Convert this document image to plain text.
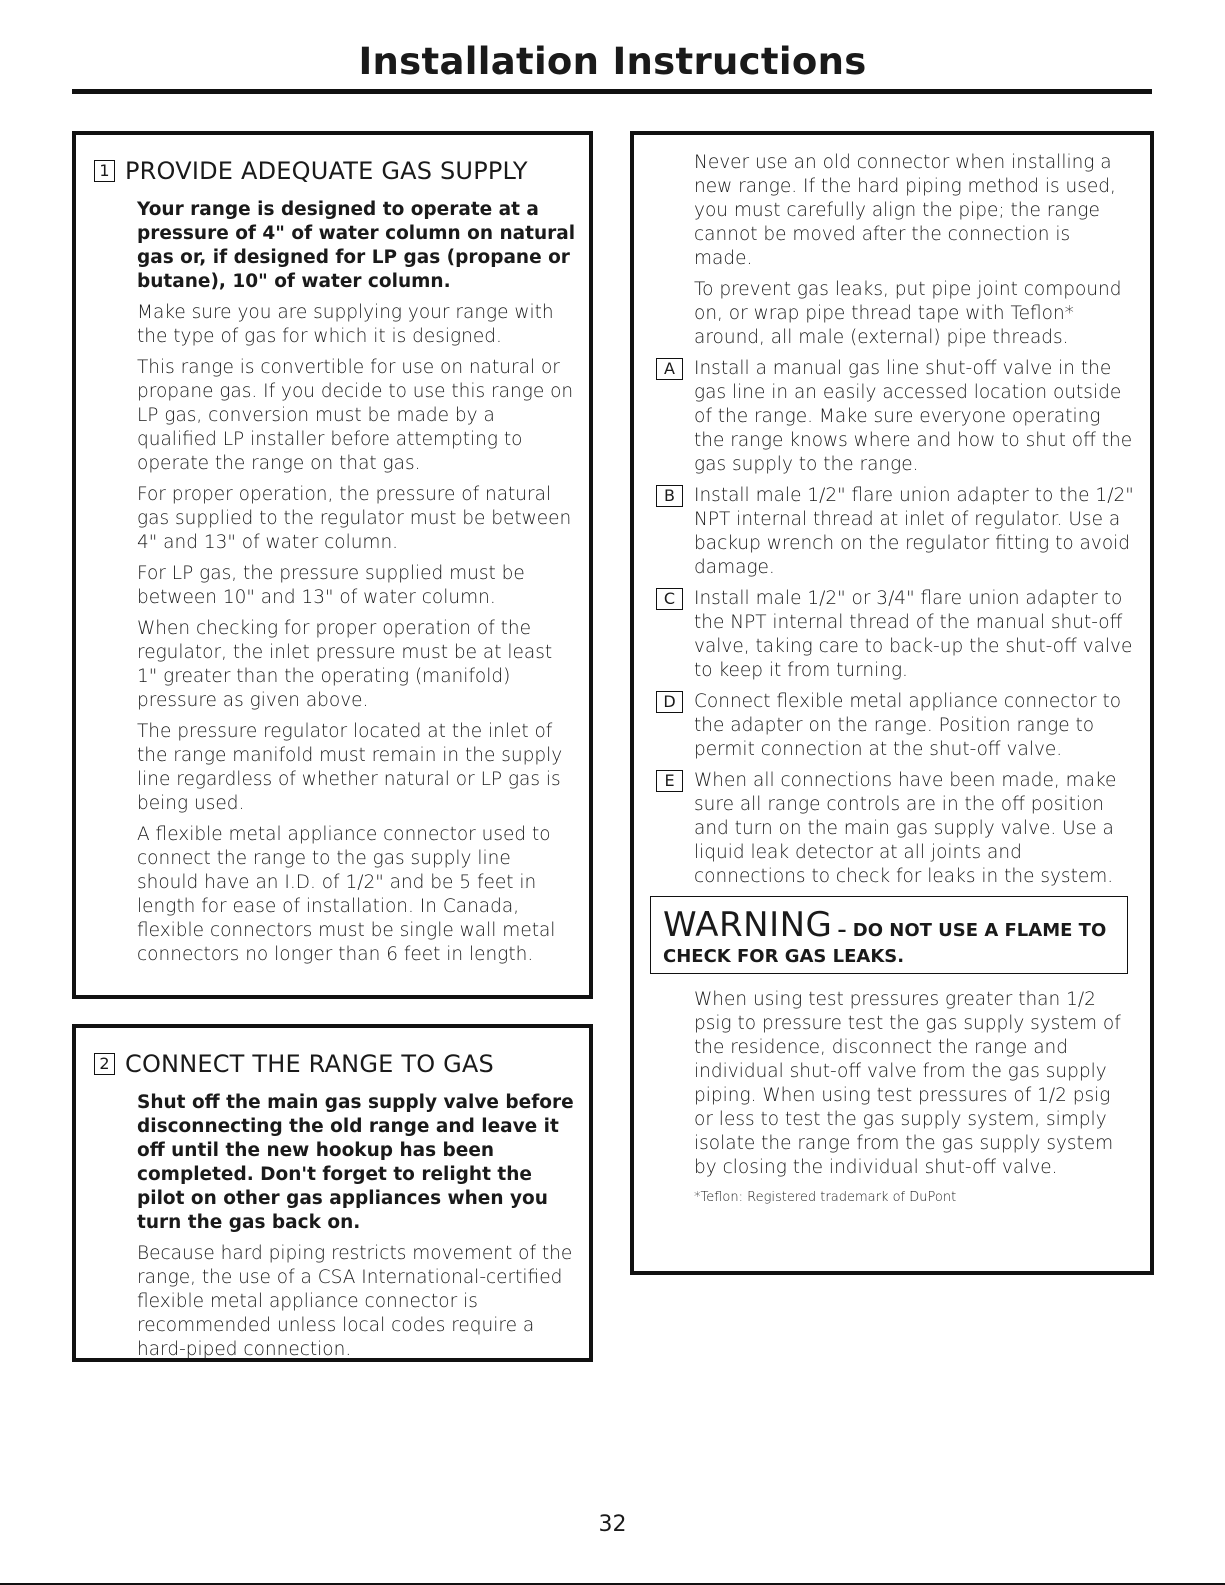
Installation Instructions
1 PROVIDE ADEQUATE GAS SUPPLY

Your range is designed to operate at a pressure of 4" of water column on natural gas or, if designed for LP gas (propane or butane), 10" of water column.

Make sure you are supplying your range with the type of gas for which it is designed.

This range is convertible for use on natural or propane gas. If you decide to use this range on LP gas, conversion must be made by a qualified LP installer before attempting to operate the range on that gas.

For proper operation, the pressure of natural gas supplied to the regulator must be between 4" and 13" of water column.

For LP gas, the pressure supplied must be between 10" and 13" of water column.

When checking for proper operation of the regulator, the inlet pressure must be at least 1" greater than the operating (manifold) pressure as given above.

The pressure regulator located at the inlet of the range manifold must remain in the supply line regardless of whether natural or LP gas is being used.

A flexible metal appliance connector used to connect the range to the gas supply line should have an I.D. of 1/2" and be 5 feet in length for ease of installation. In Canada, flexible connectors must be single wall metal connectors no longer than 6 feet in length.

2 CONNECT THE RANGE TO GAS

Shut off the main gas supply valve before disconnecting the old range and leave it off until the new hookup has been completed. Don't forget to relight the pilot on other gas appliances when you turn the gas back on.

Because hard piping restricts movement of the range, the use of a CSA International-certified flexible metal appliance connector is recommended unless local codes require a hard-piped connection.

Never use an old connector when installing a new range. If the hard piping method is used, you must carefully align the pipe; the range cannot be moved after the connection is made.

To prevent gas leaks, put pipe joint compound on, or wrap pipe thread tape with Teflon* around, all male (external) pipe threads.

A	Install a manual gas line shut-off valve in the gas line in an easily accessed location outside of the range. Make sure everyone operating the range knows where and how to shut off the gas supply to the range.

B	Install male 1/2" flare union adapter to the 1/2" NPT internal thread at inlet of regulator. Use a backup wrench on the regulator fitting to avoid damage.

C	Install male 1/2" or 3/4" flare union adapter to the NPT internal thread of the manual shut-off valve, taking care to back-up the shut-off valve to keep it from turning.

D Connect flexible metal appliance connector to the adapter on the range. Position range to permit connection at the shut-off valve.

E	When all connections have been made, make sure all range controls are in the off position and turn on the main gas supply valve. Use a liquid leak detector at all joints and connections to check for leaks in the system.

WARNING – DO NOT USE A FLAME TO
CHECK FOR GAS LEAKS.

When using test pressures greater than 1/2 psig to pressure test the gas supply system of the residence, disconnect the range and individual shut-off valve from the gas supply piping. When using test pressures of 1/2 psig or less to test the gas supply system, simply isolate the range from the gas supply system by closing the individual shut-off valve.

*Teflon: Registered trademark of DuPont
32
